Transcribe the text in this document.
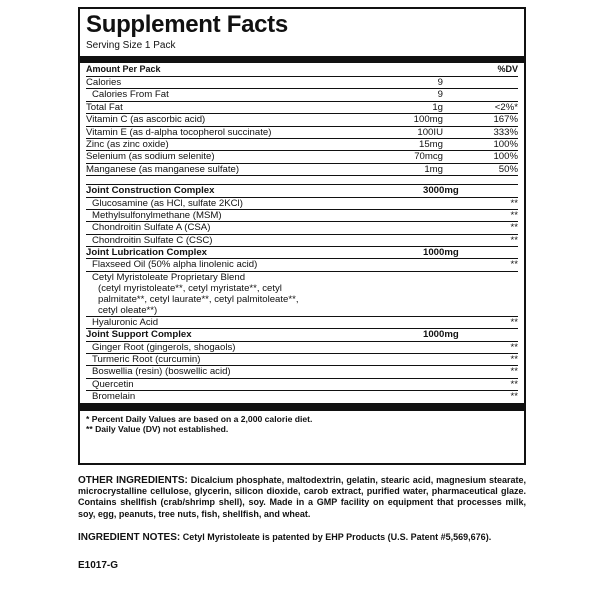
Supplement Facts
Serving Size 1 Pack
Amount Per Pack	%DV
Calories	9
Calories From Fat	9
Total Fat	1g	<2%*
Vitamin C (as ascorbic acid)	100mg	167%
Vitamin E (as d-alpha tocopherol succinate)	100IU	333%
Zinc (as zinc oxide)	15mg	100%
Selenium (as sodium selenite)	70mcg	100%
Manganese (as manganese sulfate)	1mg	50%
Joint Construction Complex	3000mg
Glucosamine (as HCl, sulfate 2KCl)	**
Methylsulfonylmethane (MSM)	**
Chondroitin Sulfate A (CSA)	**
Chondroitin Sulfate C (CSC)	**
Joint Lubrication Complex	1000mg
Flaxseed Oil (50% alpha linolenic acid)	**
Cetyl Myristoleate Proprietary Blend
(cetyl myristoleate**, cetyl myristate**, cetyl
palmitate**, cetyl laurate**, cetyl palmitoleate**,
cetyl oleate**)
Hyaluronic Acid	**
Joint Support Complex	1000mg
Ginger Root (gingerols, shogaols)	**
Turmeric Root (curcumin)	**
Boswellia (resin) (boswellic acid)	**
Quercetin	**
Bromelain	**
* Percent Daily Values are based on a 2,000 calorie diet.
** Daily Value (DV) not established.
OTHER INGREDIENTS: Dicalcium phosphate, maltodextrin, gelatin, stearic acid, magnesium stearate, microcrystalline cellulose, glycerin, silicon dioxide, carob extract, purified water, pharmaceutical glaze. Contains shellfish (crab/shrimp shell), soy. Made in a GMP facility on equipment that processes milk, soy, egg, peanuts, tree nuts, fish, shellfish, and wheat.
INGREDIENT NOTES: Cetyl Myristoleate is patented by EHP Products (U.S. Patent #5,569,676).
E1017-G
